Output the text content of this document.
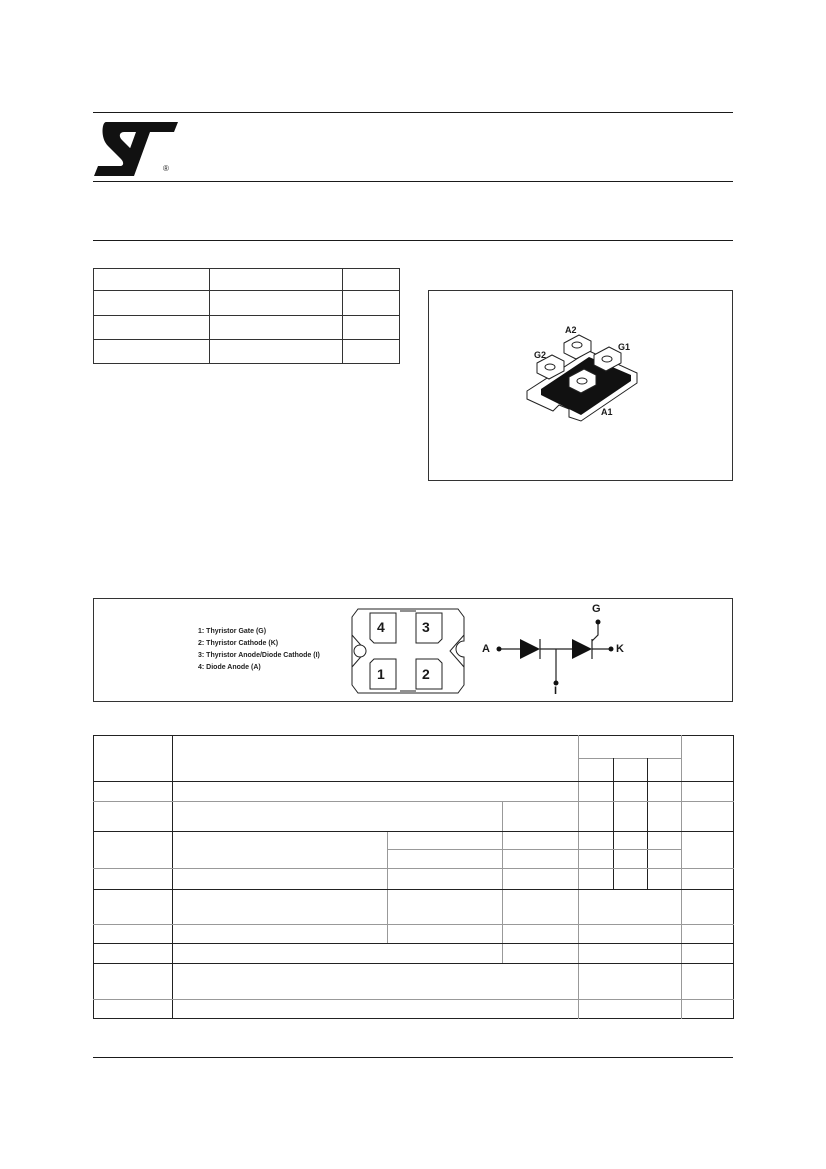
®

A2
G1
G2
A1
1: Thyristor Gate (G)
2: Thyristor Cathode (K)
3: Thyristor Anode/Diode Cathode (I)
4: Diode Anode (A)
4	3
1	2
A
G
K
I
